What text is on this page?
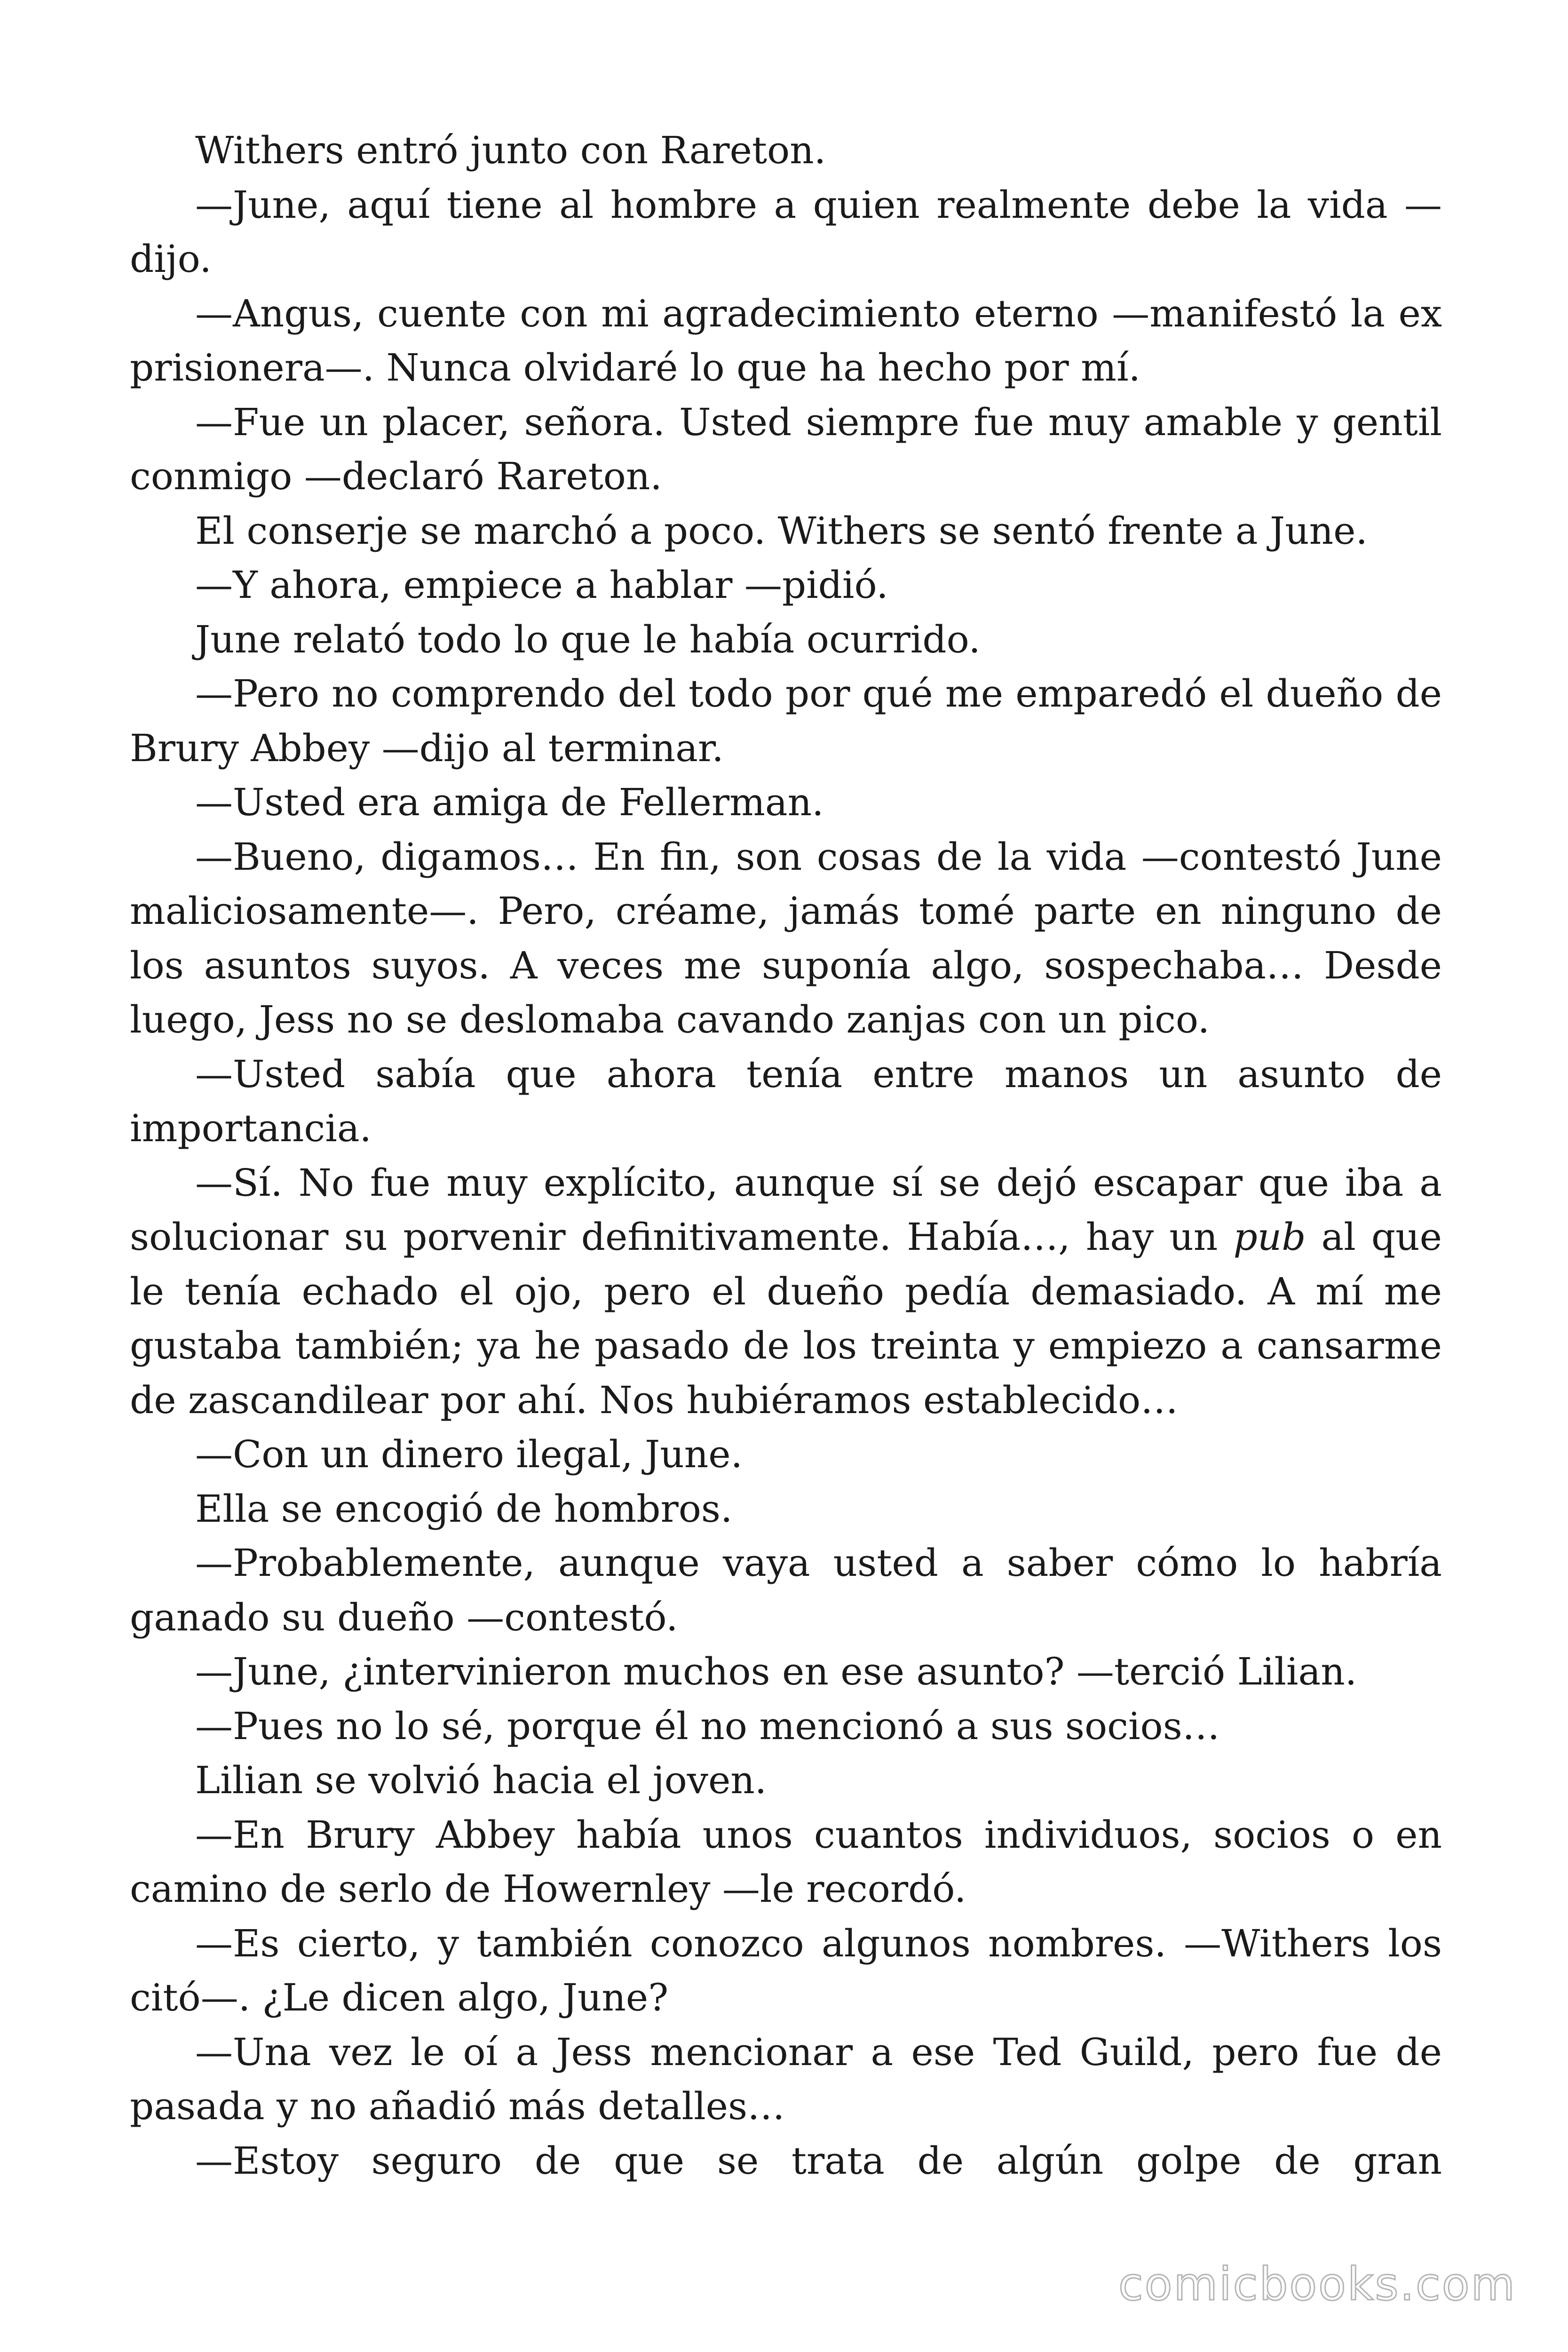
Withers entró junto con Rareton.

—June, aquí tiene al hombre a quien realmente debe la vida —dijo.

—Angus, cuente con mi agradecimiento eterno —manifestó la ex prisionera—. Nunca olvidaré lo que ha hecho por mí.

—Fue un placer, señora. Usted siempre fue muy amable y gentil conmigo —declaró Rareton.

El conserje se marchó a poco. Withers se sentó frente a June.

—Y ahora, empiece a hablar —pidió.

June relató todo lo que le había ocurrido.

—Pero no comprendo del todo por qué me emparedó el dueño de Brury Abbey —dijo al terminar.

—Usted era amiga de Fellerman.

—Bueno, digamos… En fin, son cosas de la vida —contestó June maliciosamente—. Pero, créame, jamás tomé parte en ninguno de los asuntos suyos. A veces me suponía algo, sospechaba… Desde luego, Jess no se deslomaba cavando zanjas con un pico.

—Usted sabía que ahora tenía entre manos un asunto de importancia.

—Sí. No fue muy explícito, aunque sí se dejó escapar que iba a solucionar su porvenir definitivamente. Había…, hay un pub al que le tenía echado el ojo, pero el dueño pedía demasiado. A mí me gustaba también; ya he pasado de los treinta y empiezo a cansarme de zascandilear por ahí. Nos hubiéramos establecido…

—Con un dinero ilegal, June.

Ella se encogió de hombros.

—Probablemente, aunque vaya usted a saber cómo lo habría ganado su dueño —contestó.

—June, ¿intervinieron muchos en ese asunto? —terció Lilian.

—Pues no lo sé, porque él no mencionó a sus socios…

Lilian se volvió hacia el joven.

—En Brury Abbey había unos cuantos individuos, socios o en camino de serlo de Howernley —le recordó.

—Es cierto, y también conozco algunos nombres. —Withers los citó—. ¿Le dicen algo, June?

—Una vez le oí a Jess mencionar a ese Ted Guild, pero fue de pasada y no añadió más detalles…

—Estoy seguro de que se trata de algún golpe de gran

comicbooks.com
